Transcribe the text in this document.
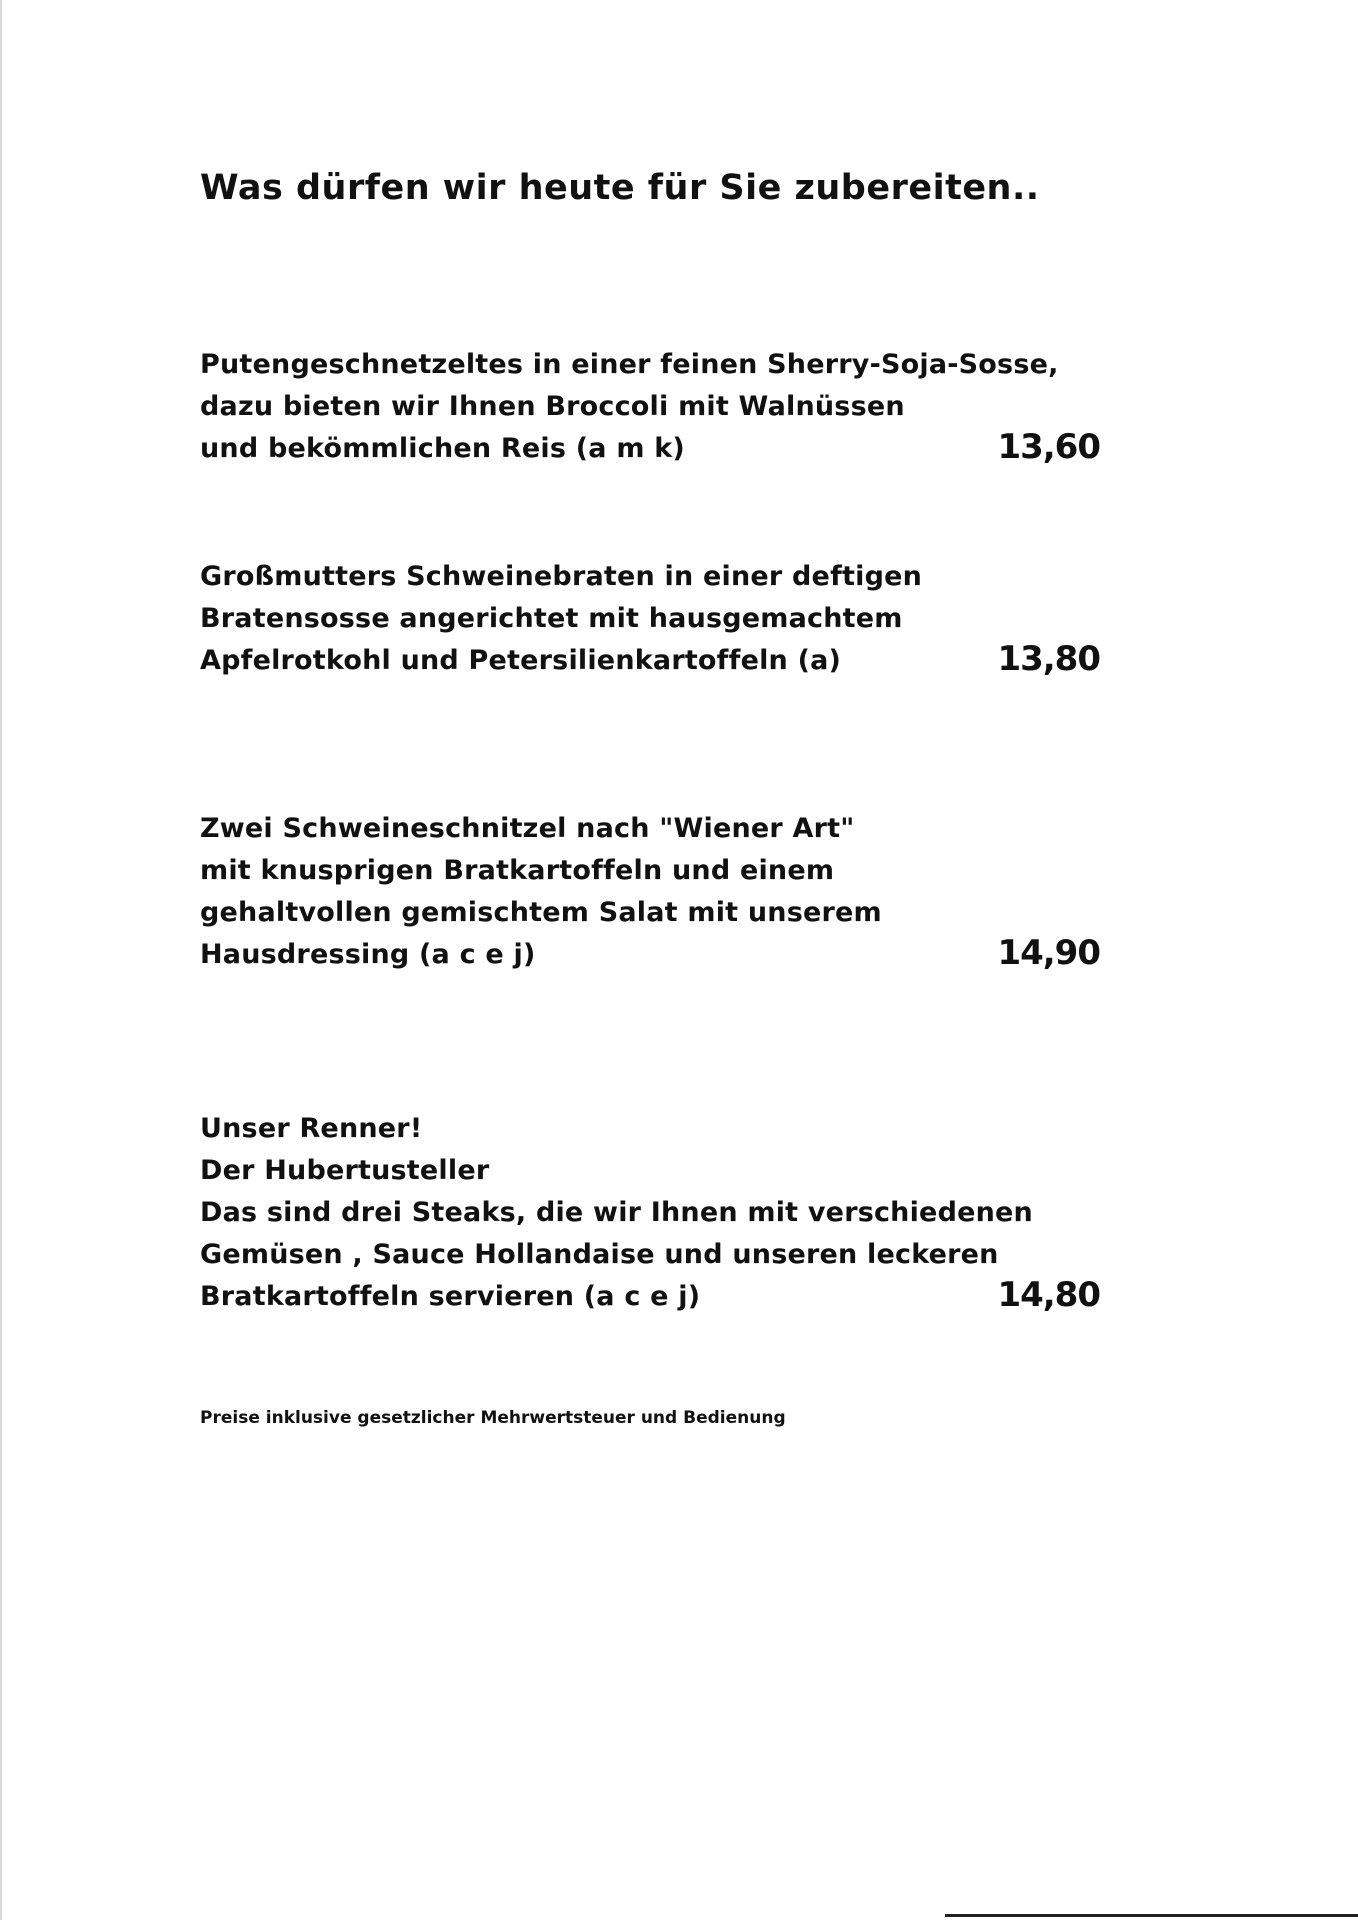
Was dürfen wir heute für Sie zubereiten..
Putengeschnetzeltes in einer feinen Sherry-Soja-Sosse,
dazu bieten wir Ihnen Broccoli mit Walnüssen
und bekömmlichen Reis (a m k)	13,60
Großmutters Schweinebraten in einer deftigen
Bratensosse angerichtet mit hausgemachtem
Apfelrotkohl und Petersilienkartoffeln (a)	13,80
Zwei Schweineschnitzel nach "Wiener Art"
mit knusprigen Bratkartoffeln und einem
gehaltvollen gemischtem Salat mit unserem
Hausdressing (a c e j)	14,90
Unser Renner!
Der Hubertusteller
Das sind drei Steaks, die wir Ihnen mit verschiedenen
Gemüsen , Sauce Hollandaise und unseren leckeren
Bratkartoffeln servieren (a c e j)	14,80
Preise inklusive gesetzlicher Mehrwertsteuer und Bedienung
